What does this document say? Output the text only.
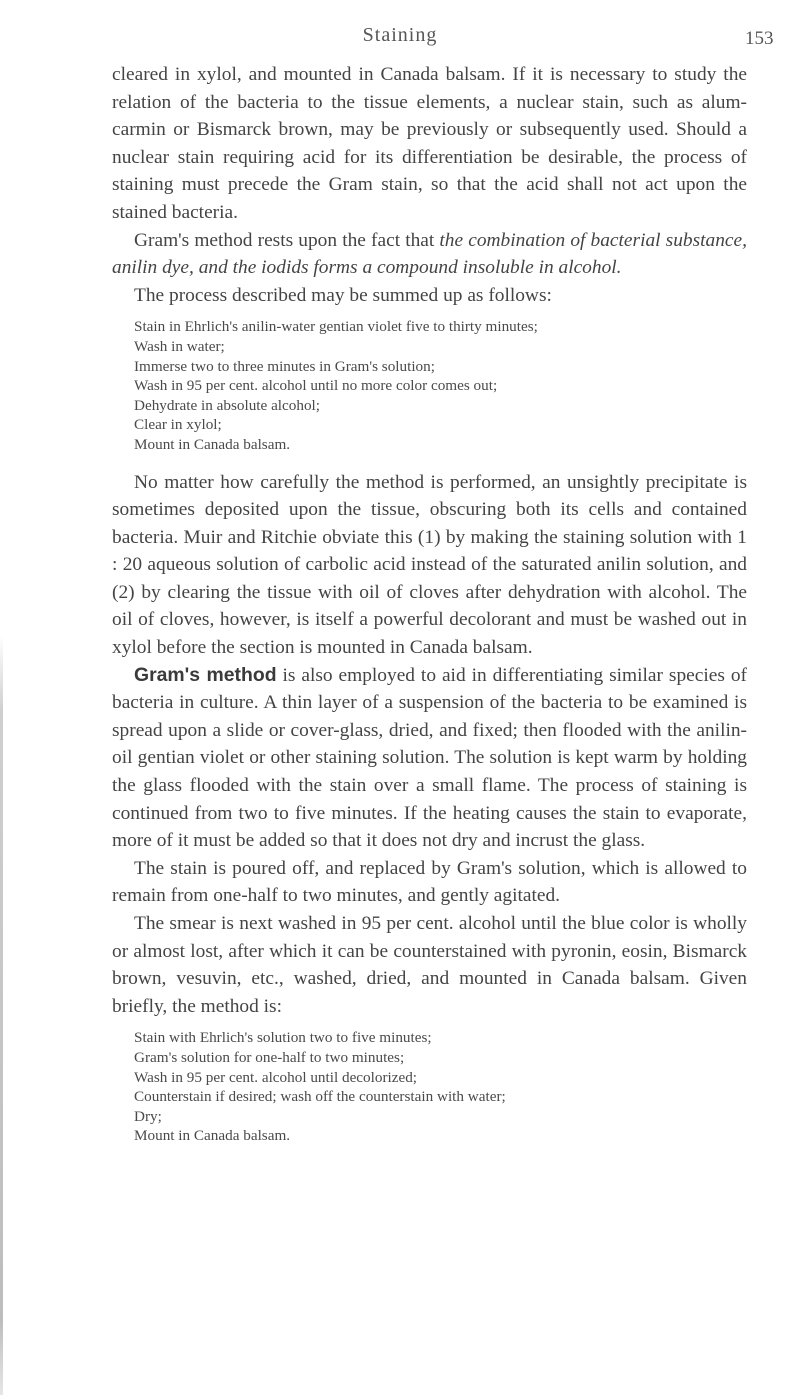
Staining	153

cleared in xylol, and mounted in Canada balsam. If it is necessary to study the relation of the bacteria to the tissue elements, a nuclear stain, such as alum-carmin or Bismarck brown, may be previously or subsequently used. Should a nuclear stain requiring acid for its differentiation be desirable, the process of staining must precede the Gram stain, so that the acid shall not act upon the stained bacteria.

Gram's method rests upon the fact that the combination of bacterial substance, anilin dye, and the iodids forms a compound insoluble in alcohol.

The process described may be summed up as follows:

Stain in Ehrlich's anilin-water gentian violet five to thirty minutes;
Wash in water;
Immerse two to three minutes in Gram's solution;
Wash in 95 per cent. alcohol until no more color comes out;
Dehydrate in absolute alcohol;
Clear in xylol;
Mount in Canada balsam.

No matter how carefully the method is performed, an unsightly precipitate is sometimes deposited upon the tissue, obscuring both its cells and contained bacteria. Muir and Ritchie obviate this (1) by making the staining solution with 1 : 20 aqueous solution of carbolic acid instead of the saturated anilin solution, and (2) by clearing the tissue with oil of cloves after dehydration with alcohol. The oil of cloves, however, is itself a powerful decolorant and must be washed out in xylol before the section is mounted in Canada balsam.

Gram's method is also employed to aid in differentiating similar species of bacteria in culture. A thin layer of a suspension of the bacteria to be examined is spread upon a slide or cover-glass, dried, and fixed; then flooded with the anilin-oil gentian violet or other staining solution. The solution is kept warm by holding the glass flooded with the stain over a small flame. The process of staining is continued from two to five minutes. If the heating causes the stain to evaporate, more of it must be added so that it does not dry and incrust the glass.

The stain is poured off, and replaced by Gram's solution, which is allowed to remain from one-half to two minutes, and gently agitated.

The smear is next washed in 95 per cent. alcohol until the blue color is wholly or almost lost, after which it can be counterstained with pyronin, eosin, Bismarck brown, vesuvin, etc., washed, dried, and mounted in Canada balsam. Given briefly, the method is:

Stain with Ehrlich's solution two to five minutes;
Gram's solution for one-half to two minutes;
Wash in 95 per cent. alcohol until decolorized;
Counterstain if desired; wash off the counterstain with water;
Dry;
Mount in Canada balsam.
